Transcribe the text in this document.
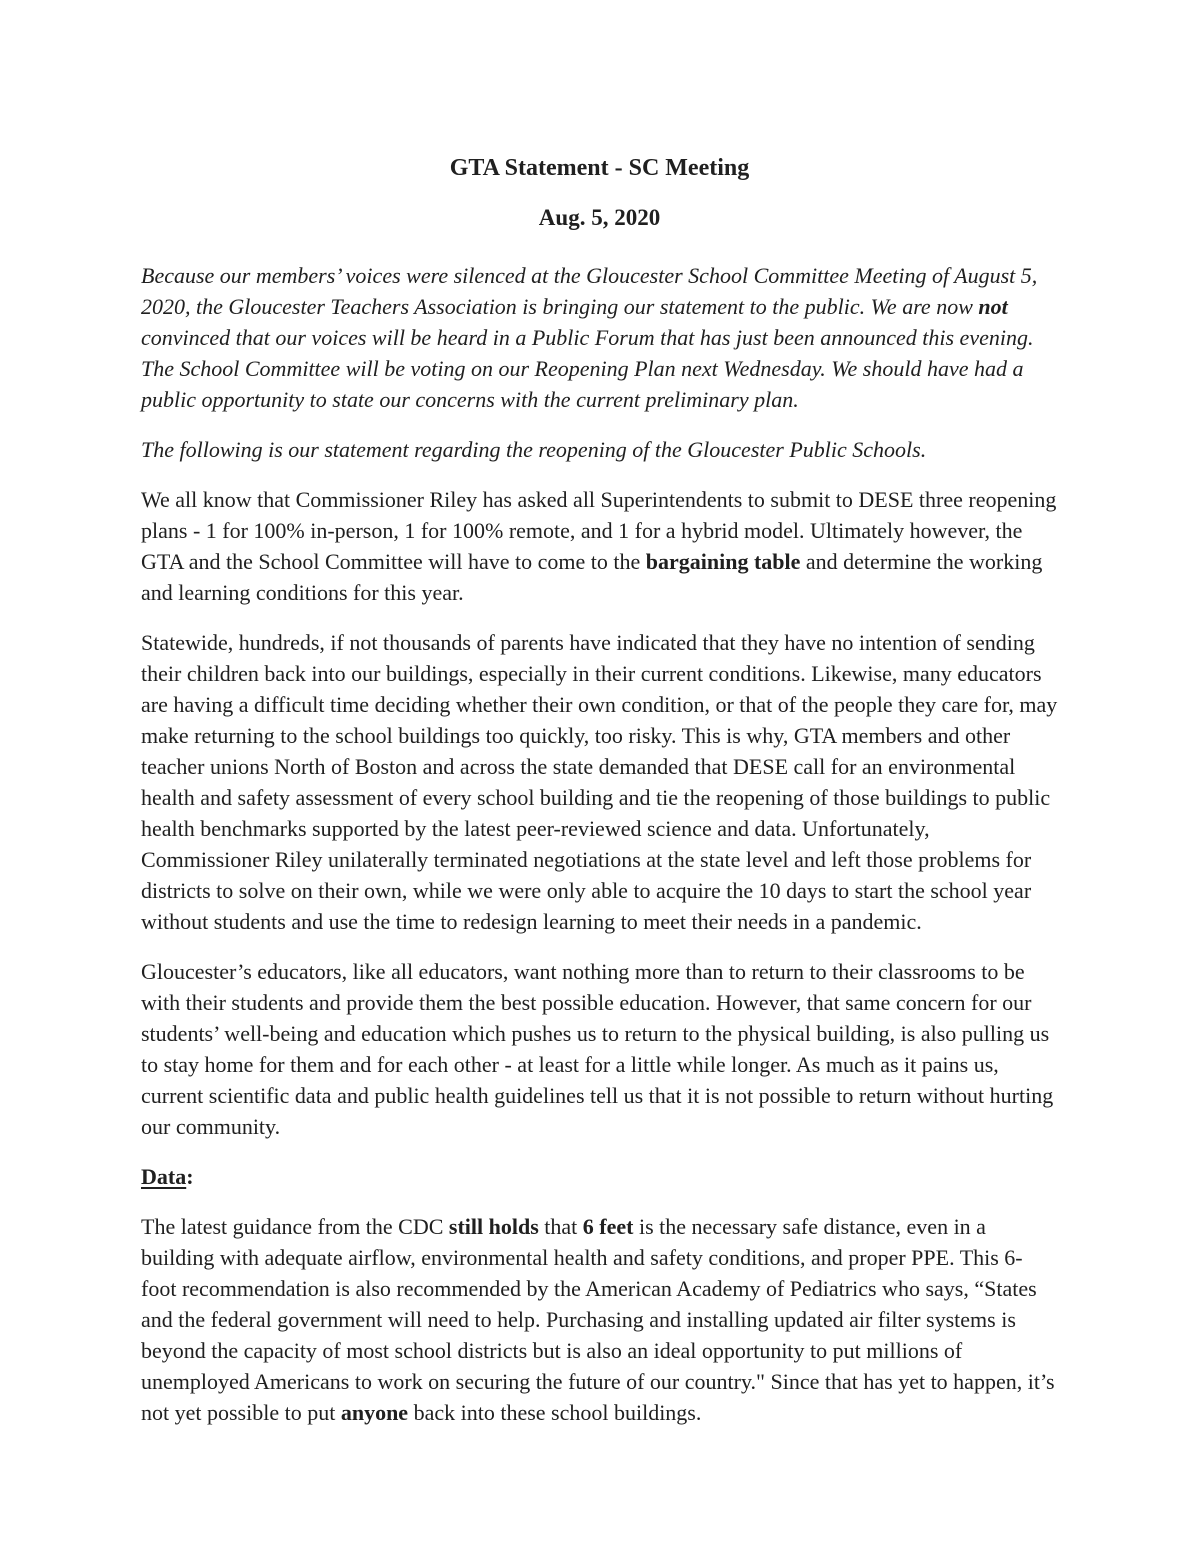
GTA Statement - SC Meeting
Aug. 5, 2020

Because our members’ voices were silenced at the Gloucester School Committee Meeting of August 5, 2020, the Gloucester Teachers Association is bringing our statement to the public. We are now not convinced that our voices will be heard in a Public Forum that has just been announced this evening. The School Committee will be voting on our Reopening Plan next Wednesday. We should have had a public opportunity to state our concerns with the current preliminary plan.

The following is our statement regarding the reopening of the Gloucester Public Schools.

We all know that Commissioner Riley has asked all Superintendents to submit to DESE three reopening plans - 1 for 100% in-person, 1 for 100% remote, and 1 for a hybrid model. Ultimately however, the GTA and the School Committee will have to come to the bargaining table and determine the working and learning conditions for this year.

Statewide, hundreds, if not thousands of parents have indicated that they have no intention of sending their children back into our buildings, especially in their current conditions. Likewise, many educators are having a difficult time deciding whether their own condition, or that of the people they care for, may make returning to the school buildings too quickly, too risky. This is why, GTA members and other teacher unions North of Boston and across the state demanded that DESE call for an environmental health and safety assessment of every school building and tie the reopening of those buildings to public health benchmarks supported by the latest peer-reviewed science and data. Unfortunately, Commissioner Riley unilaterally terminated negotiations at the state level and left those problems for districts to solve on their own, while we were only able to acquire the 10 days to start the school year without students and use the time to redesign learning to meet their needs in a pandemic.

Gloucester’s educators, like all educators, want nothing more than to return to their classrooms to be with their students and provide them the best possible education. However, that same concern for our students’ well-being and education which pushes us to return to the physical building, is also pulling us to stay home for them and for each other - at least for a little while longer. As much as it pains us, current scientific data and public health guidelines tell us that it is not possible to return without hurting our community.

Data:

The latest guidance from the CDC still holds that 6 feet is the necessary safe distance, even in a building with adequate airflow, environmental health and safety conditions, and proper PPE. This 6-foot recommendation is also recommended by the American Academy of Pediatrics who says, “States and the federal government will need to help. Purchasing and installing updated air filter systems is beyond the capacity of most school districts but is also an ideal opportunity to put millions of unemployed Americans to work on securing the future of our country." Since that has yet to happen, it’s not yet possible to put anyone back into these school buildings.
